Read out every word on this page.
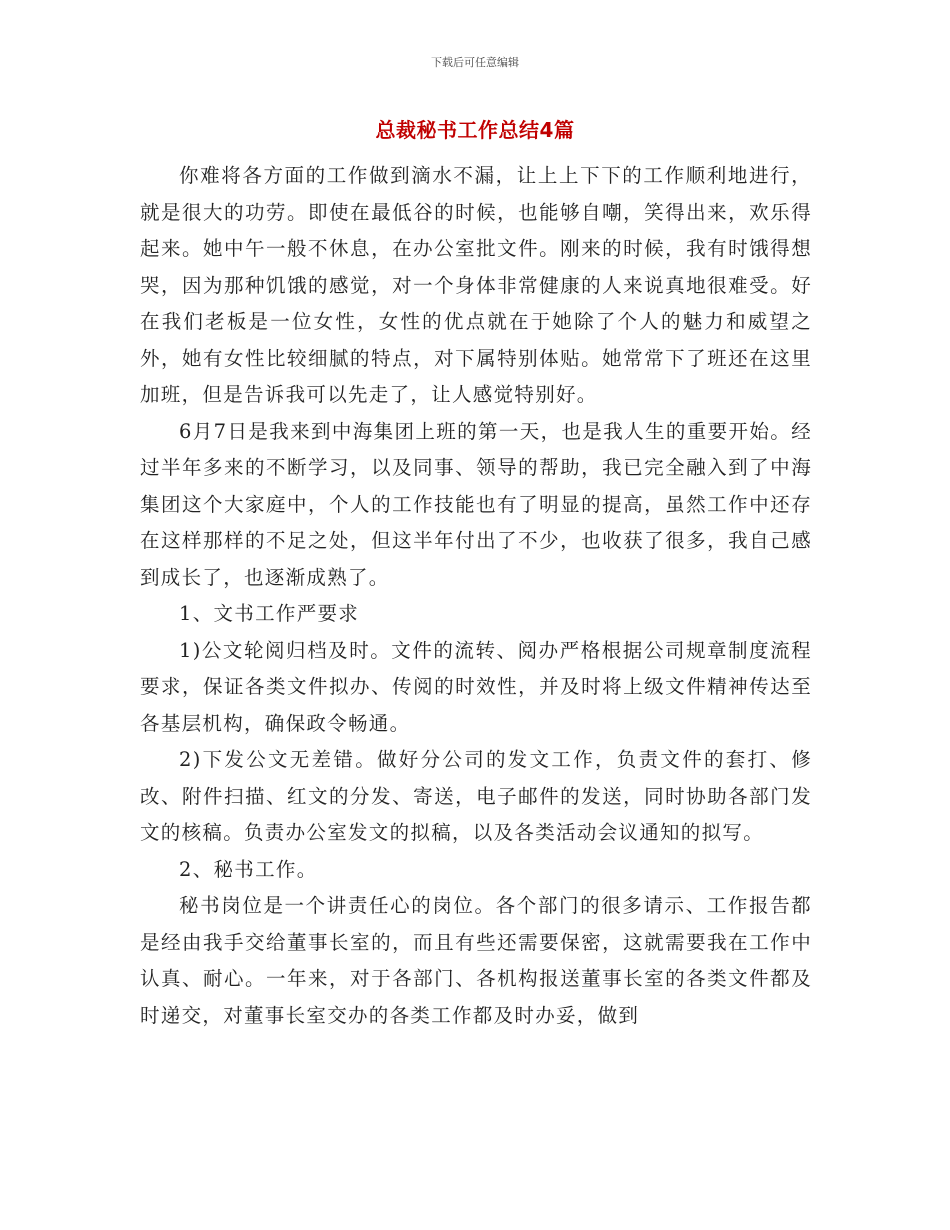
下载后可任意编辑
总裁秘书工作总结4篇

你难将各方面的工作做到滴水不漏，让上上下下的工作顺利地进行，就是很大的功劳。即使在最低谷的时候，也能够自嘲，笑得出来，欢乐得起来。她中午一般不休息，在办公室批文件。刚来的时候，我有时饿得想哭，因为那种饥饿的感觉，对一个身体非常健康的人来说真地很难受。好在我们老板是一位女性，女性的优点就在于她除了个人的魅力和威望之外，她有女性比较细腻的特点，对下属特别体贴。她常常下了班还在这里加班，但是告诉我可以先走了，让人感觉特别好。

6月7日是我来到中海集团上班的第一天，也是我人生的重要开始。经过半年多来的不断学习，以及同事、领导的帮助，我已完全融入到了中海集团这个大家庭中，个人的工作技能也有了明显的提高，虽然工作中还存在这样那样的不足之处，但这半年付出了不少，也收获了很多，我自己感到成长了，也逐渐成熟了。

1、文书工作严要求

1)公文轮阅归档及时。文件的流转、阅办严格根据公司规章制度流程要求，保证各类文件拟办、传阅的时效性，并及时将上级文件精神传达至各基层机构，确保政令畅通。

2)下发公文无差错。做好分公司的发文工作，负责文件的套打、修改、附件扫描、红文的分发、寄送，电子邮件的发送，同时协助各部门发文的核稿。负责办公室发文的拟稿，以及各类活动会议通知的拟写。

2、秘书工作。

秘书岗位是一个讲责任心的岗位。各个部门的很多请示、工作报告都是经由我手交给董事长室的，而且有些还需要保密，这就需要我在工作中认真、耐心。一年来，对于各部门、各机构报送董事长室的各类文件都及时递交，对董事长室交办的各类工作都及时办妥，做到
